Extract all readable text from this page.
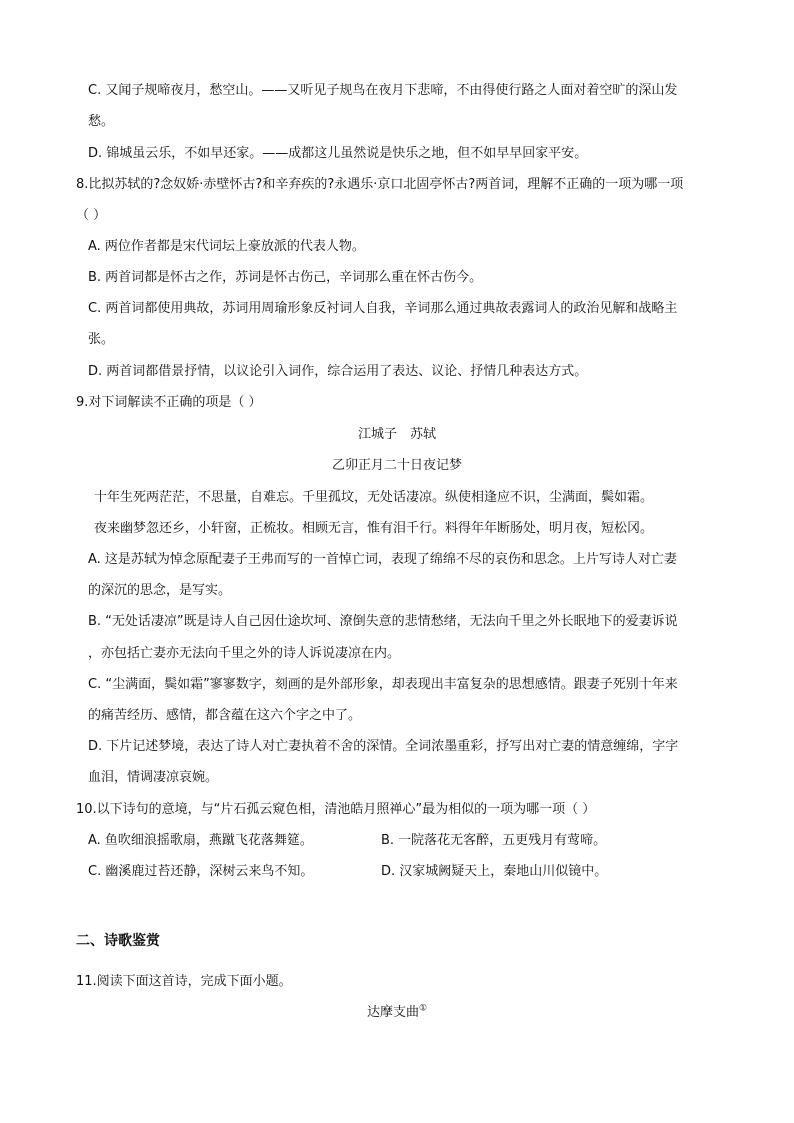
C. 又闻子规啼夜月，愁空山。——又听见子规鸟在夜月下悲啼，不由得使行路之人面对着空旷的深山发
愁。
D. 锦城虽云乐，不如早还家。——成都这儿虽然说是快乐之地，但不如早早回家平安。
8.比拟苏轼的?念奴娇·赤壁怀古?和辛弃疾的?永遇乐·京口北固亭怀古?两首词，理解不正确的一项为哪一项
（ ）
A. 两位作者都是宋代词坛上豪放派的代表人物。
B. 两首词都是怀古之作，苏词是怀古伤己，辛词那么重在怀古伤今。
C. 两首词都使用典故，苏词用周瑜形象反衬词人自我，辛词那么通过典故表露词人的政治见解和战略主
张。
D. 两首词都借景抒情，以议论引入词作，综合运用了表达、议论、抒情几种表达方式。
9.对下词解读不正确的项是（ ）
江城子　苏轼
乙卯正月二十日夜记梦
十年生死两茫茫，不思量，自难忘。千里孤坟，无处话凄凉。纵使相逢应不识，尘满面，鬓如霜。
夜来幽梦忽还乡，小轩窗，正梳妆。相顾无言，惟有泪千行。料得年年断肠处，明月夜，短松冈。
A. 这是苏轼为悼念原配妻子王弗而写的一首悼亡词，表现了绵绵不尽的哀伤和思念。上片写诗人对亡妻
的深沉的思念，是写实。
B. “无处话凄凉”既是诗人自己因仕途坎坷、潦倒失意的悲情愁绪，无法向千里之外长眠地下的爱妻诉说
，亦包括亡妻亦无法向千里之外的诗人诉说凄凉在内。
C. “尘满面，鬓如霜”寥寥数字，刻画的是外部形象，却表现出丰富复杂的思想感情。跟妻子死别十年来
的痛苦经历、感情，都含蕴在这六个字之中了。
D. 下片记述梦境，表达了诗人对亡妻执着不舍的深情。全词浓墨重彩，抒写出对亡妻的情意缠绵，字字
血泪，情调凄凉哀婉。
10.以下诗句的意境，与“片石孤云窥色相，清池皓月照禅心”最为相似的一项为哪一项（ ）
A. 鱼吹细浪摇歌扇，燕蹴飞花落舞筵。	B. 一院落花无客醉，五更残月有莺啼。
C. 幽溪鹿过苔还静，深树云来鸟不知。	D. 汉家城阙疑天上，秦地山川似镜中。
二、诗歌鉴赏
11.阅读下面这首诗，完成下面小题。
达摩支曲①
